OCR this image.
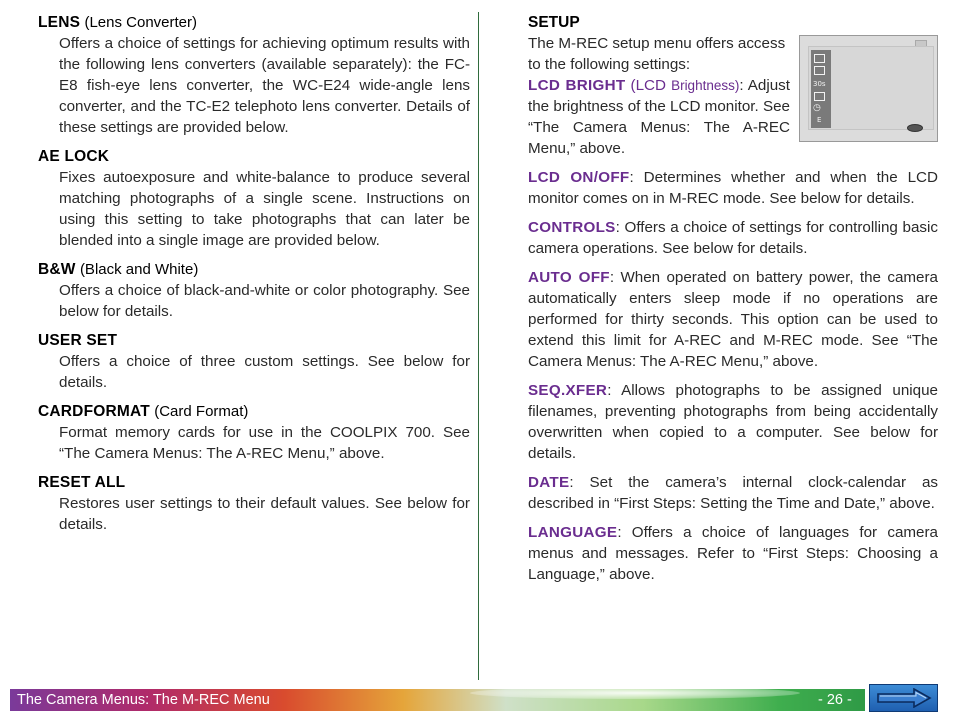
LENS (Lens Converter)
Offers a choice of settings for achieving optimum results with the following lens converters (available separately): the FC-E8 fish-eye lens converter, the WC-E24 wide-angle lens converter, and the TC-E2 telephoto lens converter. Details of these settings are provided below.
AE LOCK
Fixes autoexposure and white-balance to produce several matching photographs of a single scene. Instructions on using this setting to take photographs that can later be blended into a single image are provided below.
B&W (Black and White)
Offers a choice of black-and-white or color photography. See below for details.
USER SET
Offers a choice of three custom settings. See below for details.
CARDFORMAT (Card Format)
Format memory cards for use in the COOLPIX 700. See “The Camera Menus: The A-REC Menu,” above.
RESET ALL
Restores user settings to their default values. See below for details.
SETUP
The M-REC setup menu offers access to the following settings:
LCD BRIGHT (LCD Brightness): Adjust the brightness of the LCD monitor. See “The Camera Menus: The A-REC Menu,” above.
30s
◷
E
LCD ON/OFF: Determines whether and when the LCD monitor comes on in M-REC mode. See below for details.
CONTROLS: Offers a choice of settings for controlling basic camera operations. See below for details.
AUTO OFF: When operated on battery power, the camera automatically enters sleep mode if no operations are performed for thirty seconds. This option can be used to extend this limit for A-REC and M-REC mode. See “The Camera Menus: The A-REC Menu,” above.
SEQ.XFER: Allows photographs to be assigned unique filenames, preventing photographs from being accidentally overwritten when copied to a computer. See below for details.
DATE: Set the camera’s internal clock-calendar as described in “First Steps: Setting the Time and Date,” above.
LANGUAGE: Offers a choice of languages for camera menus and messages. Refer to “First Steps: Choosing a Language,” above.
The Camera Menus: The M-REC Menu	- 26 -
